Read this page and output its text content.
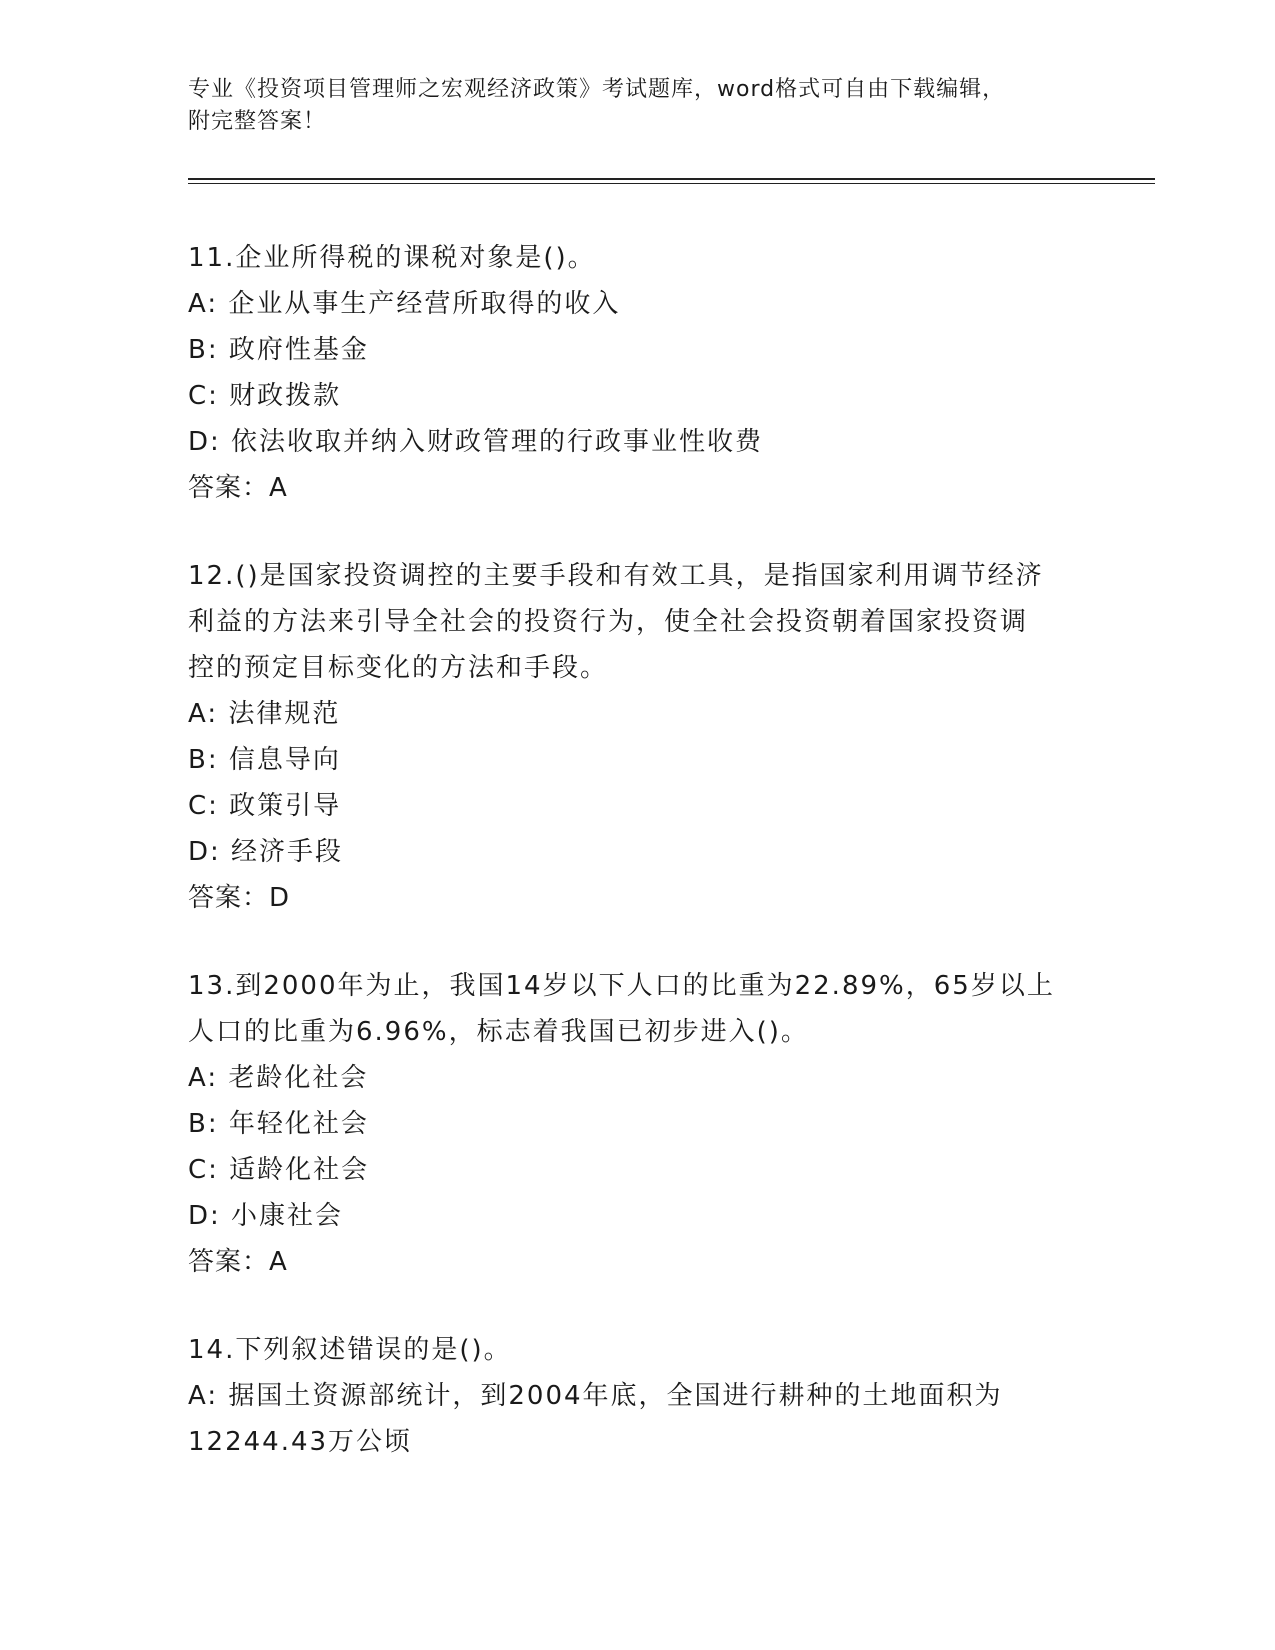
专业《投资项目管理师之宏观经济政策》考试题库，word格式可自由下载编辑，
附完整答案！
11.企业所得税的课税对象是()。
A: 企业从事生产经营所取得的收入
B: 政府性基金
C: 财政拨款
D: 依法收取并纳入财政管理的行政事业性收费
答案：A
12.()是国家投资调控的主要手段和有效工具，是指国家利用调节经济
利益的方法来引导全社会的投资行为，使全社会投资朝着国家投资调
控的预定目标变化的方法和手段。
A: 法律规范
B: 信息导向
C: 政策引导
D: 经济手段
答案：D
13.到2000年为止，我国14岁以下人口的比重为22.89%，65岁以上
人口的比重为6.96%，标志着我国已初步进入()。
A: 老龄化社会
B: 年轻化社会
C: 适龄化社会
D: 小康社会
答案：A
14.下列叙述错误的是()。
A: 据国土资源部统计，到2004年底，全国进行耕种的土地面积为
12244.43万公顷
